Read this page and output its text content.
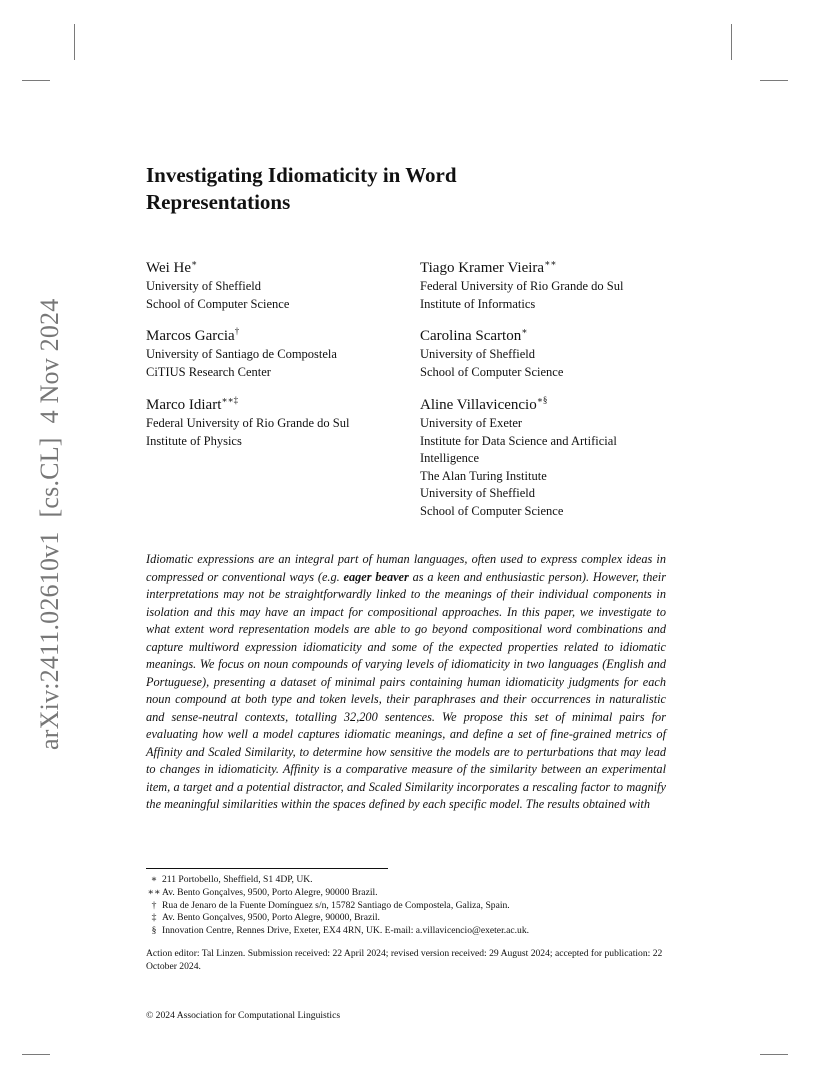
arXiv:2411.02610v1[cs.CL]4 Nov 2024
Investigating Idiomaticity in Word
Representations
Wei He∗
University of Sheffield
School of Computer Science
Tiago Kramer Vieira∗∗
Federal University of Rio Grande do Sul
Institute of Informatics
Marcos Garcia†
University of Santiago de Compostela
CiTIUS Research Center
Carolina Scarton∗
University of Sheffield
School of Computer Science
Marco Idiart∗∗‡
Federal University of Rio Grande do Sul
Institute of Physics
Aline Villavicencio∗§
University of Exeter
Institute for Data Science and Artificial
Intelligence
The Alan Turing Institute
University of Sheffield
School of Computer Science
Idiomatic expressions are an integral part of human languages, often used to express complex ideas in compressed or conventional ways (e.g. eager beaver as a keen and enthusiastic person). However, their interpretations may not be straightforwardly linked to the meanings of their individual components in isolation and this may have an impact for compositional approaches. In this paper, we investigate to what extent word representation models are able to go beyond compositional word combinations and capture multiword expression idiomaticity and some of the expected properties related to idiomatic meanings. We focus on noun compounds of varying levels of idiomaticity in two languages (English and Portuguese), presenting a dataset of minimal pairs containing human idiomaticity judgments for each noun compound at both type and token levels, their paraphrases and their occurrences in naturalistic and sense-neutral contexts, totalling 32,200 sentences. We propose this set of minimal pairs for evaluating how well a model captures idiomatic meanings, and define a set of fine-grained metrics of Affinity and Scaled Similarity, to determine how sensitive the models are to perturbations that may lead to changes in idiomaticity. Affinity is a comparative measure of the similarity between an experimental item, a target and a potential distractor, and Scaled Similarity incorporates a rescaling factor to magnify the meaningful similarities within the spaces defined by each specific model. The results obtained with
∗ 211 Portobello, Sheffield, S1 4DP, UK.
∗∗ Av. Bento Gonçalves, 9500, Porto Alegre, 90000 Brazil.
† Rua de Jenaro de la Fuente Domínguez s/n, 15782 Santiago de Compostela, Galiza, Spain.
‡ Av. Bento Gonçalves, 9500, Porto Alegre, 90000, Brazil.
§ Innovation Centre, Rennes Drive, Exeter, EX4 4RN, UK. E-mail: a.villavicencio@exeter.ac.uk.
Action editor: Tal Linzen. Submission received: 22 April 2024; revised version received: 29 August 2024; accepted for publication: 22 October 2024.
© 2024 Association for Computational Linguistics
